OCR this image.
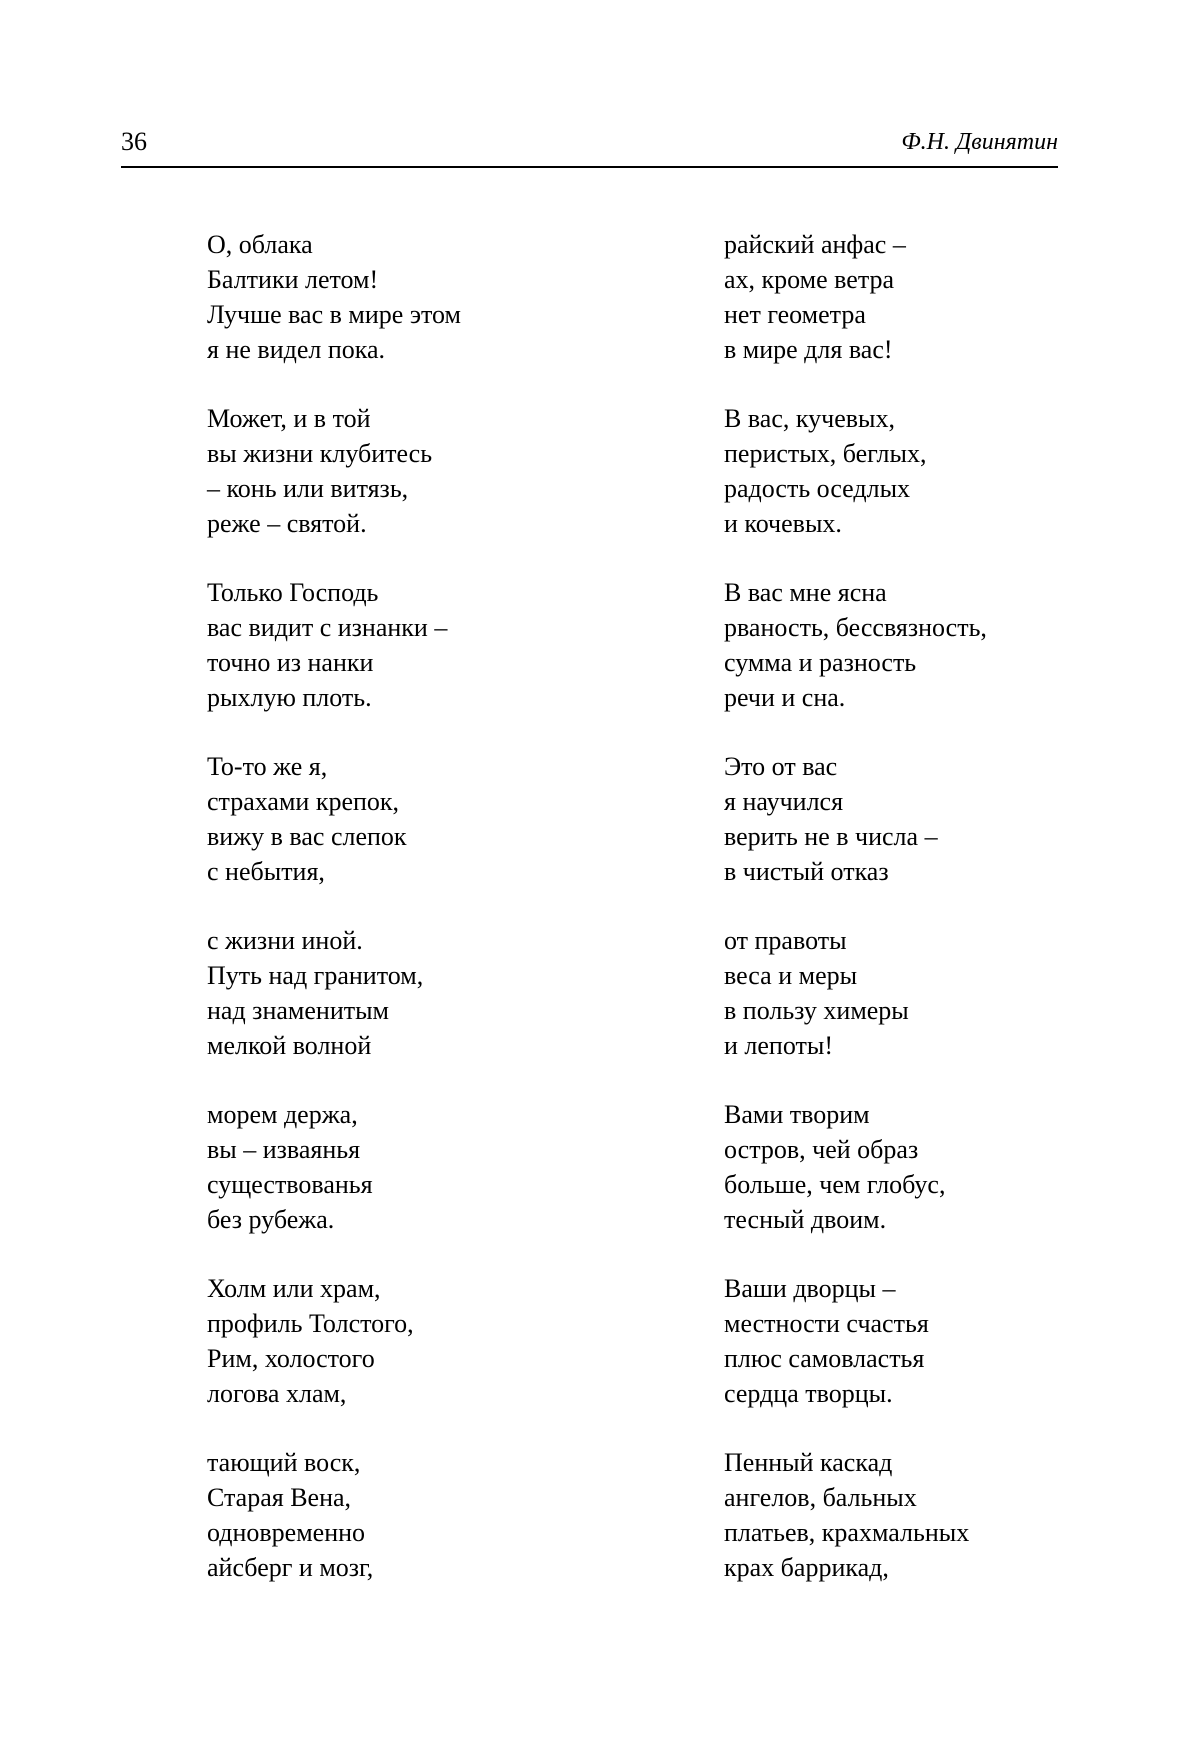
36	Ф.Н. Двинятин
О, облака
Балтики летом!
Лучше вас в мире этом
я не видел пока.
Может, и в той
вы жизни клубитесь
– конь или витязь,
реже – святой.
Только Господь
вас видит с изнанки –
точно из нанки
рыхлую плоть.
То-то же я,
страхами крепок,
вижу в вас слепок
с небытия,
с жизни иной.
Путь над гранитом,
над знаменитым
мелкой волной
морем держа,
вы – изваянья
существованья
без рубежа.
Холм или храм,
профиль Толстого,
Рим, холостого
логова хлам,
тающий воск,
Старая Вена,
одновременно
айсберг и мозг,
райский анфас –
ах, кроме ветра
нет геометра
в мире для вас!
В вас, кучевых,
перистых, беглых,
радость оседлых
и кочевых.
В вас мне ясна
рваность, бессвязность,
сумма и разность
речи и сна.
Это от вас
я научился
верить не в числа –
в чистый отказ
от правоты
веса и меры
в пользу химеры
и лепоты!
Вами творим
остров, чей образ
больше, чем глобус,
тесный двоим.
Ваши дворцы –
местности счастья
плюс самовластья
сердца творцы.
Пенный каскад
ангелов, бальных
платьев, крахмальных
крах баррикад,
